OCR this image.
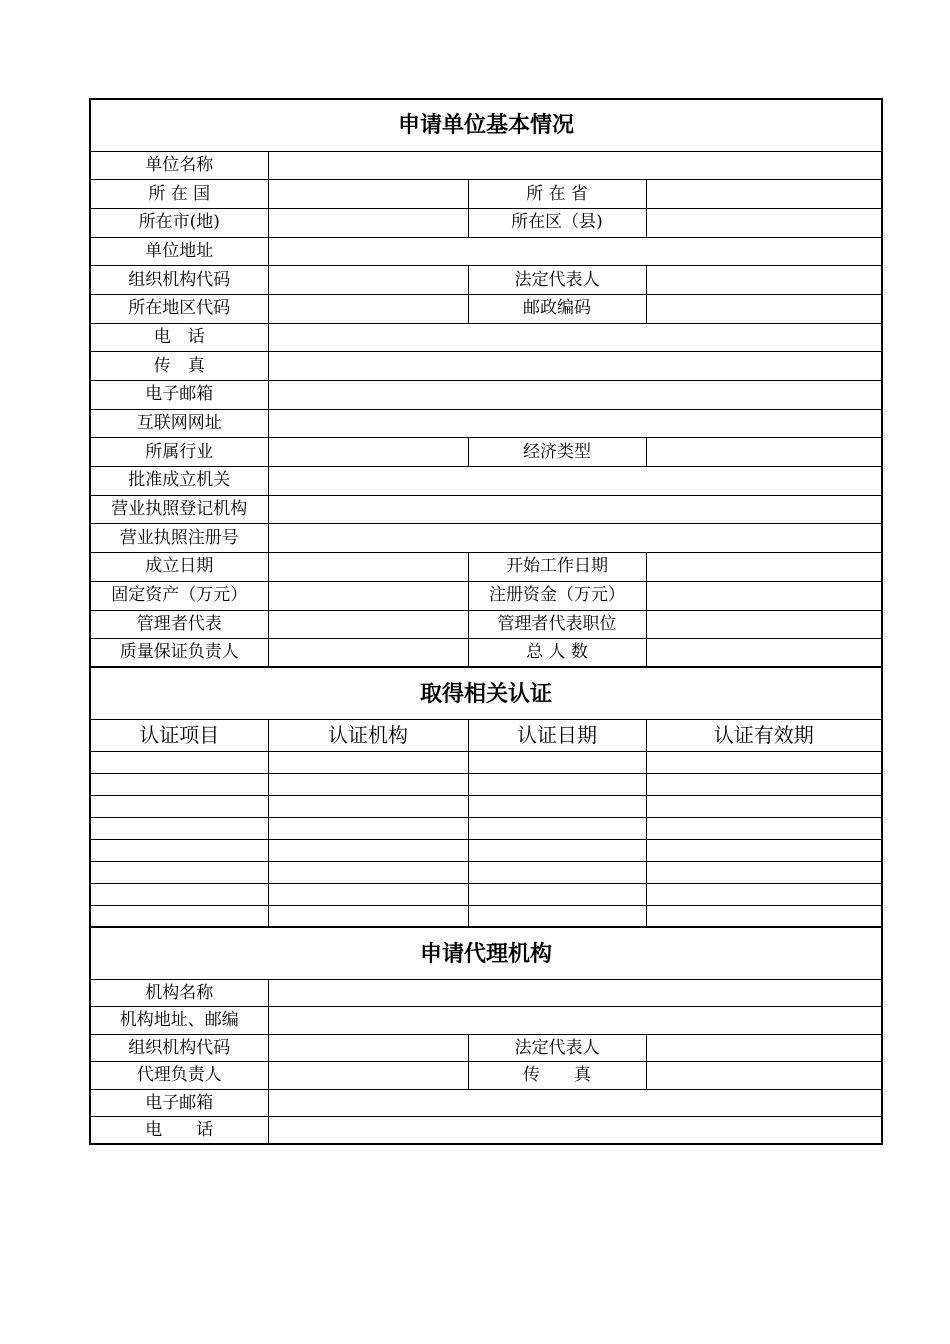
申请单位基本情况			
单位名称			
所 在 国		所 在 省	
所在市(地)		所在区（县)	
单位地址			
组织机构代码		法定代表人	
所在地区代码		邮政编码	
电　话			
传　真			
电子邮箱			
互联网网址			
所属行业		经济类型	
批准成立机关			
营业执照登记机构			
营业执照注册号			
成立日期		开始工作日期	
固定资产（万元）		注册资金（万元）	
管理者代表		管理者代表职位	
质量保证负责人		总 人 数	
取得相关认证			
认证项目	认证机构	认证日期	认证有效期

申请代理机构			
机构名称			
机构地址、邮编			
组织机构代码		法定代表人	
代理负责人		传　　真	
电子邮箱			
电　　话			
